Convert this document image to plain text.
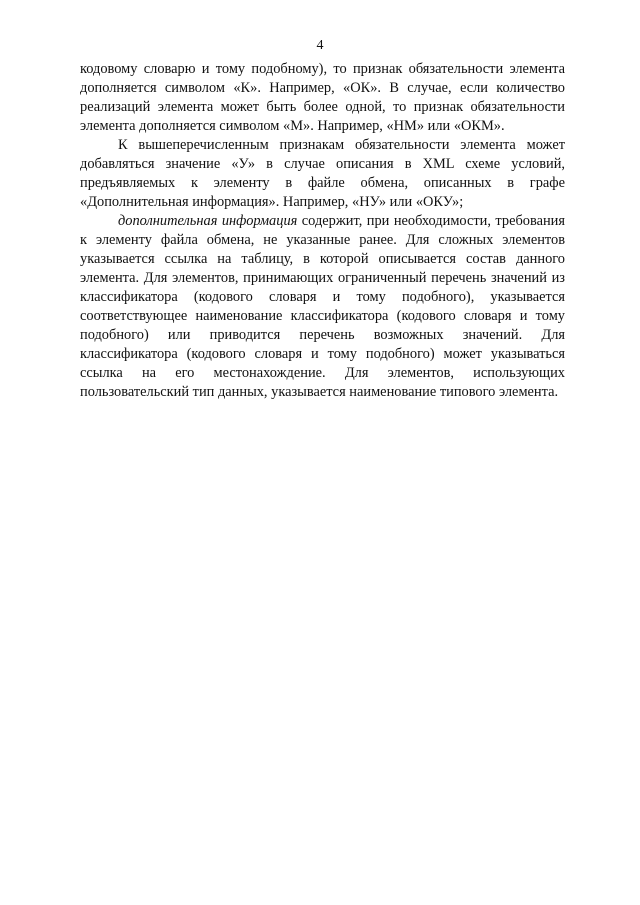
4

кодовому словарю и тому подобному), то признак обязательности элемента дополняется символом «К». Например, «ОК». В случае, если количество реализаций элемента может быть более одной, то признак обязательности элемента дополняется символом «М». Например, «НМ» или «ОКМ».

К вышеперечисленным признакам обязательности элемента может добавляться значение «У» в случае описания в XML схеме условий, предъявляемых к элементу в файле обмена, описанных в графе «Дополнительная информация». Например, «НУ» или «ОКУ»;

дополнительная информация содержит, при необходимости, требования к элементу файла обмена, не указанные ранее. Для сложных элементов указывается ссылка на таблицу, в которой описывается состав данного элемента. Для элементов, принимающих ограниченный перечень значений из классификатора (кодового словаря и тому подобного), указывается соответствующее наименование классификатора (кодового словаря и тому подобного) или приводится перечень возможных значений. Для классификатора (кодового словаря и тому подобного) может указываться ссылка на его местонахождение. Для элементов, использующих пользовательский тип данных, указывается наименование типового элемента.
